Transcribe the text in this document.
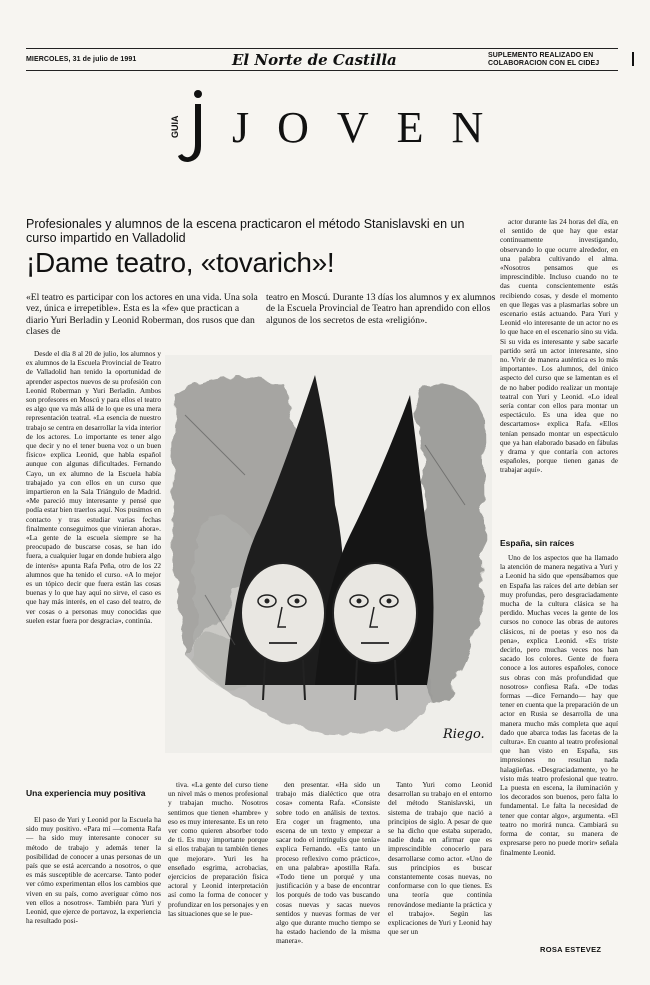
MIERCOLES, 31 de julio de 1991	El Norte de Castilla	SUPLEMENTO REALIZADO EN COLABORACION CON EL CIDEJ
GUIA JOVEN
Profesionales y alumnos de la escena practicaron el método Stanislavski en un curso impartido en Valladolid
¡Dame teatro, «tovarich»!
«El teatro es participar con los actores en una vida. Una sola vez, única e irrepetible». Esta es la «fe» que practican a diario Yuri Berladin y Leonid Roberman, dos rusos que dan clases de
teatro en Moscú. Durante 13 días los alumnos y ex alumnos de la Escuela Provincial de Teatro han aprendido con ellos algunos de los secretos de esta «religión».

Desde el día 8 al 20 de julio, los alumnos y ex alumnos de la Escuela Provincial de Teatro de Valladolid han tenido la oportunidad de aprender aspectos nuevos de su profesión con Leonid Roberman y Yuri Berladin. Ambos son profesores en Moscú y para ellos el teatro es algo que va más allá de lo que es una mera representación teatral. «La esencia de nuestro trabajo se centra en desarrollar la vida interior de los actores. Lo importante es tener algo que decir y no el tener buena voz o un buen físico» explica Leonid, que habla español aunque con algunas dificultades. Fernando Cayo, un ex alumno de la Escuela había trabajado ya con ellos en un curso que impartieron en la Sala Triángulo de Madrid. «Me pareció muy interesante y pensé que podía estar bien traerlos aquí. Nos pusimos en contacto y tras estudiar varias fechas finalmente conseguimos que vinieran ahora». «La gente de la escuela siempre se ha preocupado de buscarse cosas, se han ido fuera, a cualquier lugar en donde hubiera algo de interés» apunta Rafa Peña, otro de los 22 alumnos que ha tenido el curso. «A lo mejor es un tópico decir que fuera están las cosas buenas y lo que hay aquí no sirve, el caso es que hay más interés, en el caso del teatro, de ver cosas o a personas muy conocidas que suelen estar fuera por desgracia», continúa.

Riego.
Una experiencia muy positiva

El paso de Yuri y Leonid por la Escuela ha sido muy positivo. «Para mí —comenta Rafa— ha sido muy interesante conocer su método de trabajo y además tener la posibilidad de conocer a unas personas de un país que se está acercando a nosotros, o que es más susceptible de acercarse. Tanto poder ver cómo experimentan ellos los cambios que viven en su país, como averiguar cómo nos ven ellos a nosotros». También para Yuri y Leonid, que ejerce de portavoz, la experiencia ha resultado posi-

tiva. «La gente del curso tiene un nivel más o menos profesional y trabajan mucho. Nosotros sentimos que tienen «hambre» y eso es muy interesante. Es un reto ver como quieren absorber todo de ti. Es muy importante porque si ellos trabajan tu también tienes que mejorar». Yuri les ha enseñado esgrima, acrobacias, ejercicios de preparación física actoral y Leonid interpretación así como la forma de conocer y profundizar en los personajes y en las situaciones que se le pue-

den presentar. «Ha sido un trabajo más dialéctico que otra cosa» comenta Rafa. «Consiste sobre todo en análisis de textos. Era coger un fragmento, una escena de un texto y empezar a sacar todo el intríngulis que tenía» explica Fernando. «Es tanto un proceso reflexivo como práctico», en una palabra» apostilla Rafa. «Todo tiene un porqué y una justificación y a base de encontrar los porqués de todo vas buscando cosas nuevas y sacas nuevos sentidos y nuevas formas de ver algo que durante mucho tiempo se ha estado haciendo de la misma manera».

Tanto Yuri como Leonid desarrollan su trabajo en el entorno del método Stanislavski, un sistema de trabajo que nació a principios de siglo. A pesar de que se ha dicho que estaba superado, nadie duda en afirmar que es imprescindible conocerlo para desarrollarse como actor. «Uno de sus principios es buscar constantemente cosas nuevas, no conformarse con lo que tienes. Es una teoría que continúa renovándose mediante la práctica y el trabajo». Según las explicaciones de Yuri y Leonid hay que ser un

actor durante las 24 horas del día, en el sentido de que hay que estar continuamente investigando, observando lo que ocurre alrededor, en una palabra cultivando el alma. «Nosotros pensamos que es imprescindible. Incluso cuando no te das cuenta conscientemente estás recibiendo cosas, y desde el momento en que llegas vas a plasmarlas sobre un escenario estás actuando. Para Yuri y Leonid «lo interesante de un actor no es lo que hace en el escenario sino su vida. Si su vida es interesante y sabe sacarle partido será un actor interesante, sino no. Vivir de manera auténtica es lo más importante». Los alumnos, del único aspecto del curso que se lamentan es el de no haber podido realizar un montaje teatral con Yuri y Leonid. «Lo ideal sería contar con ellos para montar un espectáculo. Es una idea que no descartamos» explica Rafa. «Ellos tenían pensado montar un espectáculo que ya han elaborado basado en fábulas y drama y que contaría con actores españoles, porque tienen ganas de trabajar aquí».

España, sin raíces

Uno de los aspectos que ha llamado la atención de manera negativa a Yuri y a Leonid ha sido que «pensábamos que en España las raíces del arte debían ser muy profundas, pero desgraciadamente mucha de la cultura clásica se ha perdido. Muchas veces la gente de los cursos no conoce las obras de autores clásicos, ni de poetas y eso nos da pena», explica Leonid. «Es triste decirlo, pero muchas veces nos han sacado los colores. Gente de fuera conoce a los autores españoles, conoce sus obras con más profundidad que nosotros» confiesa Rafa. «De todas formas —dice Fernando— hay que tener en cuenta que la preparación de un actor en Rusia se desarrolla de una manera mucho más completa que aquí dado que abarca todas las facetas de la cultura». En cuanto al teatro profesional que han visto en España, sus impresiones no resultan nada halagüeñas. «Desgraciadamente, yo he visto más teatro profesional que teatro. La puesta en escena, la iluminación y los decorados son buenos, pero falta lo fundamental. Le falta la necesidad de tener que contar algo», argumenta. «El teatro no morirá nunca. Cambiará su forma de contar, su manera de expresarse pero no puede morir» señala finalmente Leonid.

ROSA ESTEVEZ
